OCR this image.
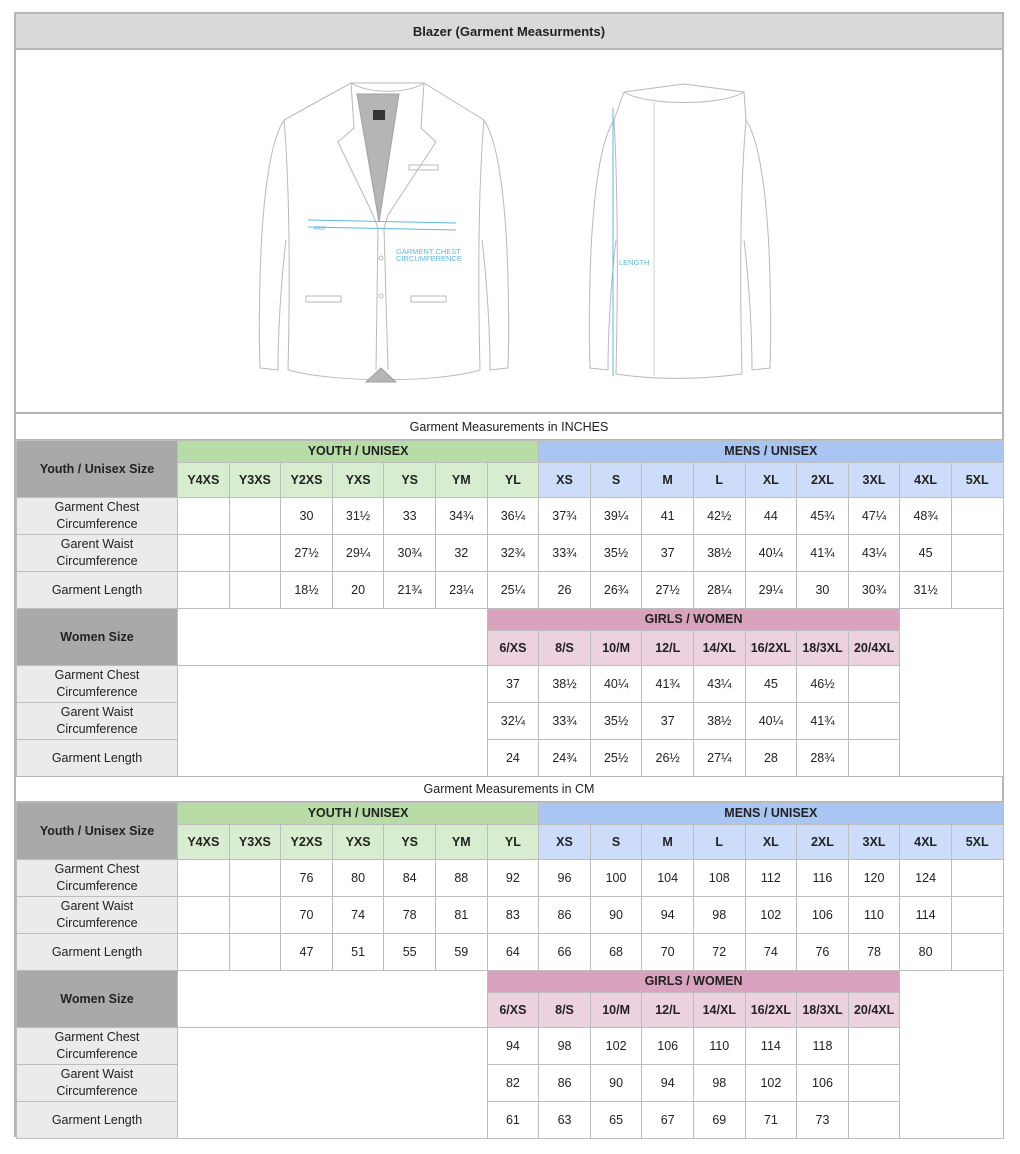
Blazer (Garment Measurments)
ARM
GARMENT CHEST
CIRCUMFERENCE	LENGTH
Garment Measurements in INCHES
Youth / Unisex Size	YOUTH / UNISEX							MENS / UNISEX								
	Y4XS	Y3XS	Y2XS	YXS	YS	YM	YL	XS	S	M	L	XL	2XL	3XL	4XL	5XL

Garment Chest
Circumference			30	31½	33	34¾	36¼	37¾	39¼	41	42½	44	45¾	47¼	48¾	

Garent Waist
Circumference			27½	29¼	30¾	32	32¾	33¾	35½	37	38½	40¼	41¾	43¼	45	

Garment Length			18½	20	21¾	23¼	25¼	26	26¾	27½	28¼	29¼	30	30¾	31½	
Women Size		GIRLS / WOMEN								
		6/XS	8/S	10/M	12/L	14/XL	16/2XL	18/3XL	20/4XL	

Garment Chest
Circumference		37	38½	40¼	41¾	43¼	45	46½		

Garent Waist
Circumference		32¼	33¾	35½	37	38½	40¼	41¾		

Garment Length		24	24¾	25½	26½	27¼	28	28¾		
Garment Measurements in CM
Youth / Unisex Size	YOUTH / UNISEX							MENS / UNISEX								
	Y4XS	Y3XS	Y2XS	YXS	YS	YM	YL	XS	S	M	L	XL	2XL	3XL	4XL	5XL

Garment Chest
Circumference			76	80	84	88	92	96	100	104	108	112	116	120	124	

Garent Waist
Circumference			70	74	78	81	83	86	90	94	98	102	106	110	114	

Garment Length			47	51	55	59	64	66	68	70	72	74	76	78	80	
Women Size		GIRLS / WOMEN								
		6/XS	8/S	10/M	12/L	14/XL	16/2XL	18/3XL	20/4XL	

Garment Chest
Circumference		94	98	102	106	110	114	118		

Garent Waist
Circumference		82	86	90	94	98	102	106		

Garment Length		61	63	65	67	69	71	73		
